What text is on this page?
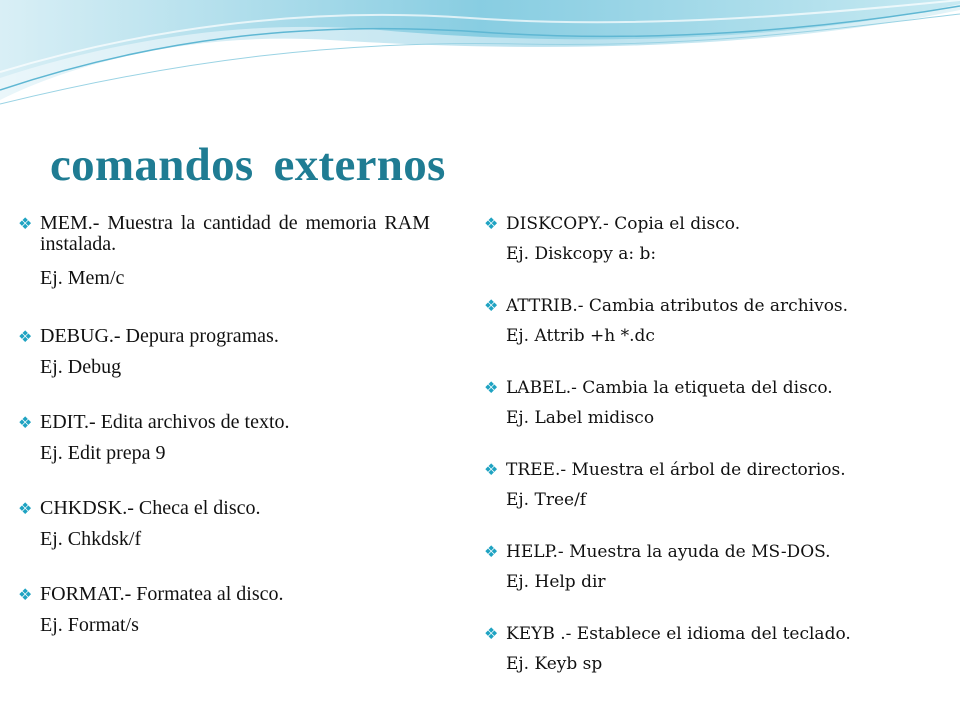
comandos externos
❖ MEM.- Muestra la cantidad de memoria RAM instalada.
Ej. Mem/c
❖ DEBUG.- Depura programas.
Ej. Debug
❖ EDIT.- Edita archivos de texto.
Ej. Edit prepa 9
❖ CHKDSK.- Checa el disco.
Ej. Chkdsk/f
❖ FORMAT.- Formatea al disco.
Ej. Format/s
❖ DISKCOPY.- Copia el disco.
Ej. Diskcopy a: b:
❖ ATTRIB.- Cambia atributos de archivos.
Ej. Attrib +h *.dc
❖ LABEL.- Cambia la etiqueta del disco.
Ej. Label midisco
❖ TREE.- Muestra el árbol de directorios.
Ej. Tree/f
❖ HELP.- Muestra la ayuda de MS-DOS.
Ej. Help dir
❖ KEYB .- Establece el idioma del teclado.
Ej. Keyb sp
